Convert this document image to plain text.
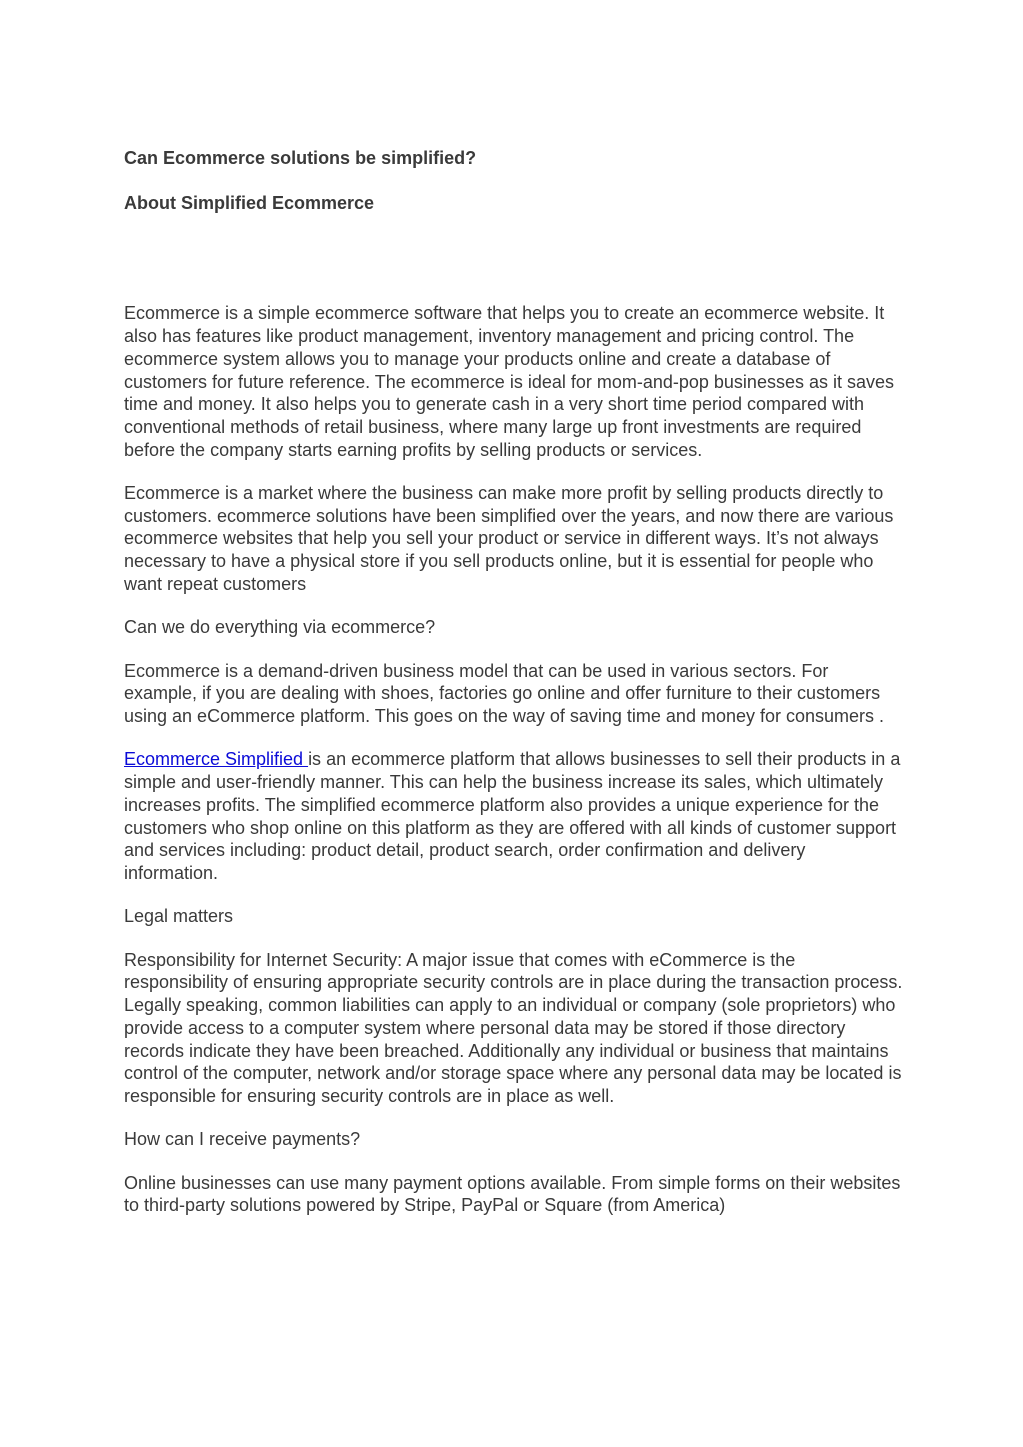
Can Ecommerce solutions be simplified?

About Simplified Ecommerce

Ecommerce is a simple ecommerce software that helps you to create an ecommerce website. It also has features like product management, inventory management and pricing control. The ecommerce system allows you to manage your products online and create a database of customers for future reference. The ecommerce is ideal for mom-and-pop businesses as it saves time and money. It also helps you to generate cash in a very short time period compared with conventional methods of retail business, where many large up front investments are required before the company starts earning profits by selling products or services.

Ecommerce is a market where the business can make more profit by selling products directly to customers. ecommerce solutions have been simplified over the years, and now there are various ecommerce websites that help you sell your product or service in different ways. It’s not always necessary to have a physical store if you sell products online, but it is essential for people who want repeat customers

Can we do everything via ecommerce?

Ecommerce is a demand-driven business model that can be used in various sectors. For example, if you are dealing with shoes, factories go online and offer furniture to their customers using an eCommerce platform. This goes on the way of saving time and money for consumers .

Ecommerce Simplified is an ecommerce platform that allows businesses to sell their products in a simple and user-friendly manner. This can help the business increase its sales, which ultimately increases profits. The simplified ecommerce platform also provides a unique experience for the customers who shop online on this platform as they are offered with all kinds of customer support and services including: product detail, product search, order confirmation and delivery information.

Legal matters

Responsibility for Internet Security: A major issue that comes with eCommerce is the responsibility of ensuring appropriate security controls are in place during the transaction process. Legally speaking, common liabilities can apply to an individual or company (sole proprietors) who provide access to a computer system where personal data may be stored if those directory records indicate they have been breached. Additionally any individual or business that maintains control of the computer, network and/or storage space where any personal data may be located is responsible for ensuring security controls are in place as well.

How can I receive payments?

Online businesses can use many payment options available. From simple forms on their websites to third-party solutions powered by Stripe, PayPal or Square (from America)
